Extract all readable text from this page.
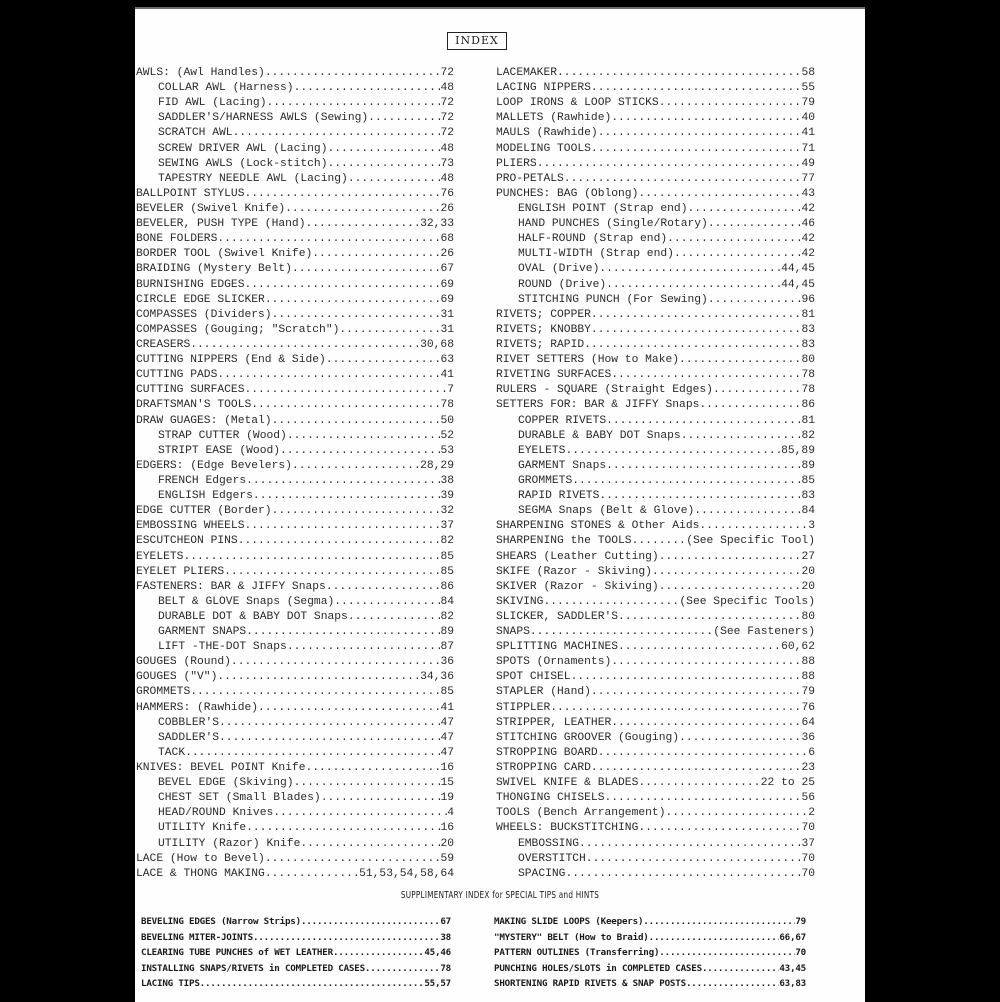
INDEX
AWLS: (Awl Handles) .....	72
COLLAR AWL (Harness) .....	48
FID AWL (Lacing) .....	72
SADDLER'S/HARNESS AWLS (Sewing) .....	72
SCRATCH AWL .....	72
SCREW DRIVER AWL (Lacing) .....	48
SEWING AWLS (Lock-stitch) .....	73
TAPESTRY NEEDLE AWL (Lacing) .....	48
BALLPOINT STYLUS .....	76
BEVELER (Swivel Knife) .....	26
BEVELER, PUSH TYPE (Hand) .....	32,33
BONE FOLDERS .....	68
BORDER TOOL (Swivel Knife) .....	26
BRAIDING (Mystery Belt) .....	67
BURNISHING EDGES .....	69
CIRCLE EDGE SLICKER .....	69
COMPASSES (Dividers) .....	31
COMPASSES (Gouging; "Scratch") .....	31
CREASERS .....	30,68
CUTTING NIPPERS (End & Side) .....	63
CUTTING PADS .....	41
CUTTING SURFACES .....	7
DRAFTSMAN'S TOOLS .....	78
DRAW GUAGES: (Metal) .....	50
STRAP CUTTER (Wood) .....	52
STRIPT EASE (Wood) .....	53
EDGERS: (Edge Bevelers) .....	28,29
FRENCH Edgers .....	38
ENGLISH Edgers .....	39
EDGE CUTTER (Border) .....	32
EMBOSSING WHEELS .....	37
ESCUTCHEON PINS .....	82
EYELETS .....	85
EYELET PLIERS .....	85
FASTENERS: BAR & JIFFY Snaps .....	86
BELT & GLOVE Snaps (Segma) .....	84
DURABLE DOT & BABY DOT Snaps .....	82
GARMENT SNAPS .....	89
LIFT -THE-DOT Snaps .....	87
GOUGES (Round) .....	36
GOUGES ("V") .....	34,36
GROMMETS .....	85
HAMMERS: (Rawhide) .....	41
COBBLER'S .....	47
SADDLER'S .....	47
TACK .....	47
KNIVES: BEVEL POINT Knife .....	16
BEVEL EDGE (Skiving) .....	15
CHEST SET (Small Blades) .....	19
HEAD/ROUND Knives .....	4
UTILITY Knife .....	16
UTILITY (Razor) Knife .....	20
LACE (How to Bevel) .....	59
LACE & THONG MAKING .....	51,53,54,58,64
LACEMAKER .....	58
LACING NIPPERS .....	55
LOOP IRONS & LOOP STICKS .....	79
MALLETS (Rawhide) .....	40
MAULS (Rawhide) .....	41
MODELING TOOLS .....	71
PLIERS .....	49
PRO-PETALS .....	77
PUNCHES: BAG (Oblong) .....	43
ENGLISH POINT (Strap end) .....	42
HAND PUNCHES (Single/Rotary) .....	46
HALF-ROUND (Strap end) .....	42
MULTI-WIDTH (Strap end) .....	42
OVAL (Drive) .....	44,45
ROUND (Drive) .....	44,45
STITCHING PUNCH (For Sewing) .....	96
RIVETS; COPPER .....	81
RIVETS; KNOBBY .....	83
RIVETS; RAPID .....	83
RIVET SETTERS (How to Make) .....	80
RIVETING SURFACES .....	78
RULERS - SQUARE (Straight Edges) .....	78
SETTERS FOR: BAR & JIFFY Snaps .....	86
COPPER RIVETS .....	81
DURABLE & BABY DOT Snaps .....	82
EYELETS .....	85,89
GARMENT Snaps .....	89
GROMMETS .....	85
RAPID RIVETS .....	83
SEGMA Snaps (Belt & Glove) .....	84
SHARPENING STONES & Other Aids .....	3
SHARPENING the TOOLS... .....	(See Specific Tool)
SHEARS (Leather Cutting) .....	27
SKIFE (Razor - Skiving) .....	20
SKIVER (Razor - Skiving) .....	20
SKIVING .....	(See Specific Tools)
SLICKER, SADDLER'S .....	80
SNAPS .....	(See Fasteners)
SPLITTING MACHINES .....	60,62
SPOTS (Ornaments) .....	88
SPOT CHISEL .....	88
STAPLER (Hand) .....	79
STIPPLER .....	76
STRIPPER, LEATHER .....	64
STITCHING GROOVER (Gouging) .....	36
STROPPING BOARD .....	6
STROPPING CARD .....	23
SWIVEL KNIFE & BLADES .....	22 to 25
THONGING CHISELS .....	56
TOOLS (Bench Arrangement) .....	2
WHEELS: BUCKSTITCHING .....	70
EMBOSSING .....	37
OVERSTITCH .....	70
SPACING .....	70
SUPPLIMENTARY INDEX for SPECIAL TIPS and HINTS
BEVELING EDGES (Narrow Strips) .....	67
BEVELING MITER-JOINTS .....	38
CLEARING TUBE PUNCHES of WET LEATHER .....	45,46
INSTALLING SNAPS/RIVETS in COMPLETED CASES .....	78
LACING TIPS .....	55,57
MAKING SLIDE LOOPS (Keepers) .....	79
"MYSTERY" BELT (How to Braid) .....	66,67
PATTERN OUTLINES (Transferring) .....	70
PUNCHING HOLES/SLOTS in COMPLETED CASES .....	43,45
SHORTENING RAPID RIVETS & SNAP POSTS .....	63,83
